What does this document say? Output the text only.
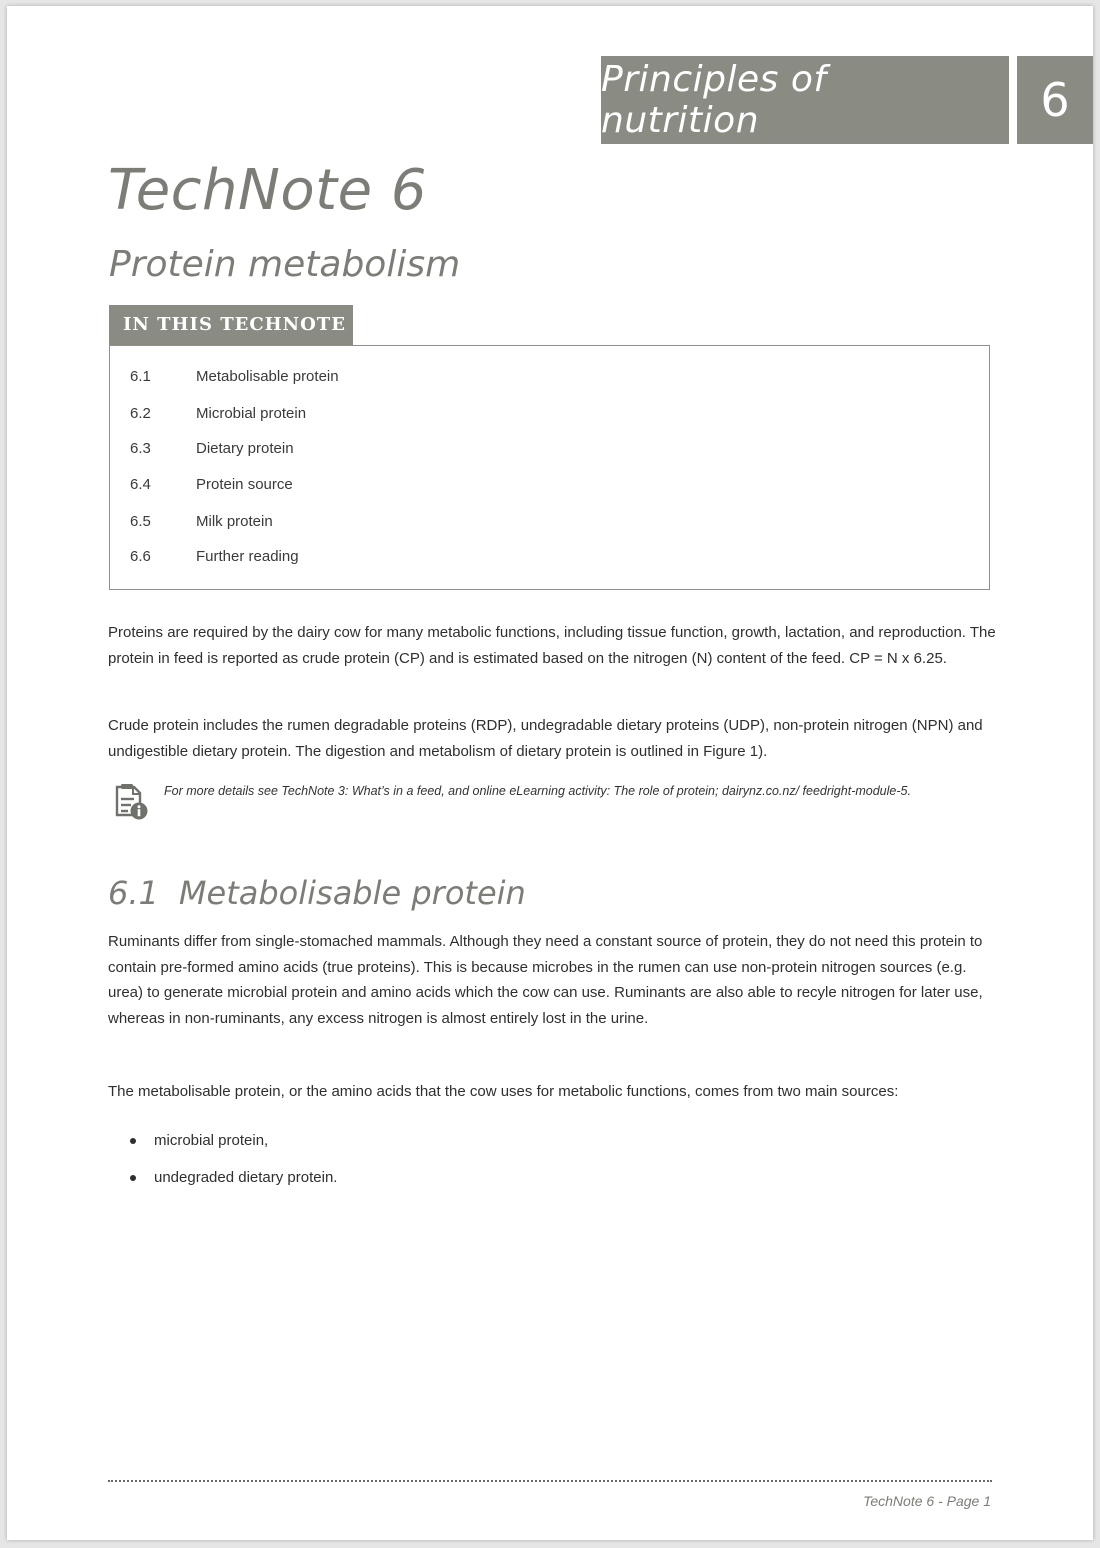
Principles of nutrition	6
TechNote 6
Protein metabolism
IN THIS TECHNOTE
6.1	Metabolisable protein
6.2	Microbial protein
6.3	Dietary protein
6.4	Protein source
6.5	Milk protein
6.6	Further reading

Proteins are required by the dairy cow for many metabolic functions, including tissue function, growth, lactation, and reproduction. The protein in feed is reported as crude protein (CP) and is estimated based on the nitrogen (N) content of the feed. CP = N x 6.25.

Crude protein includes the rumen degradable proteins (RDP), undegradable dietary proteins (UDP), non-protein nitrogen (NPN) and undigestible dietary protein. The digestion and metabolism of dietary protein is outlined in Figure 1).

For more details see TechNote 3: What’s in a feed, and online eLearning activity: The role of protein; dairynz.co.nz/ feedright-module-5.

6.1 Metabolisable protein

Ruminants differ from single-stomached mammals. Although they need a constant source of protein, they do not need this protein to contain pre-formed amino acids (true proteins). This is because microbes in the rumen can use non-protein nitrogen sources (e.g. urea) to generate microbial protein and amino acids which the cow can use. Ruminants are also able to recyle nitrogen for later use, whereas in non-ruminants, any excess nitrogen is almost entirely lost in the urine.

The metabolisable protein, or the amino acids that the cow uses for metabolic functions, comes from two main sources:

microbial protein,
undegraded dietary protein.
TechNote 6 - Page 1
